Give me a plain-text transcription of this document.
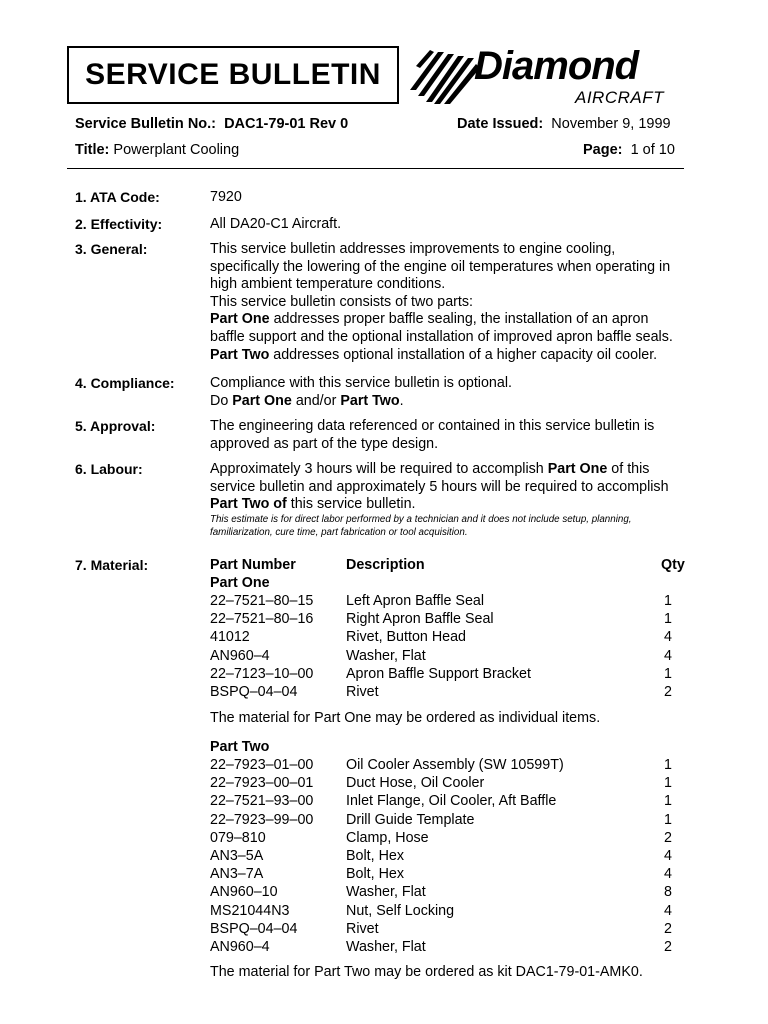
SERVICE BULLETIN Diamond
AIRCRAFT
Service Bulletin No.: DAC1-79-01 Rev 0	Date Issued: November 9, 1999
Title: Powerplant Cooling	Page: 1 of 10
1. ATA Code:	7920
2. Effectivity:	All DA20-C1 Aircraft.
3. General:	This service bulletin addresses improvements to engine cooling,
specifically the lowering of the engine oil temperatures when operating in
high ambient temperature conditions.
This service bulletin consists of two parts:
Part One addresses proper baffle sealing, the installation of an apron
baffle support and the optional installation of improved apron baffle seals.
Part Two addresses optional installation of a higher capacity oil cooler.
4. Compliance: Compliance with this service bulletin is optional.
Do Part One and/or Part Two.
5. Approval:	The engineering data referenced or contained in this service bulletin is
approved as part of the type design.
6. Labour:	Approximately 3 hours will be required to accomplish Part One of this
service bulletin and approximately 5 hours will be required to accomplish
Part Two of this service bulletin.
This estimate is for direct labor performed by a technician and it does not include setup, planning,
familiarization, cure time, part fabrication or tool acquisition.
7. Material:	Part Number	Description	Qty
Part One
22–7521–80–15 Left Apron Baffle Seal	1
22–7521–80–16 Right Apron Baffle Seal	1
41012	Rivet, Button Head	4
AN960–4	Washer, Flat	4
22–7123–10–00 Apron Baffle Support Bracket	1
BSPQ–04–04	Rivet	2
The material for Part One may be ordered as individual items.
Part Two
22–7923–01–00 Oil Cooler Assembly (SW 10599T)	1
22–7923–00–01 Duct Hose, Oil Cooler	1
22–7521–93–00 Inlet Flange, Oil Cooler, Aft Baffle	1
22–7923–99–00 Drill Guide Template	1
079–810	Clamp, Hose	2
AN3–5A	Bolt, Hex	4
AN3–7A	Bolt, Hex	4
AN960–10	Washer, Flat	8
MS21044N3	Nut, Self Locking	4
BSPQ–04–04	Rivet	2
AN960–4	Washer, Flat	2
The material for Part Two may be ordered as kit DAC1-79-01-AMK0.
